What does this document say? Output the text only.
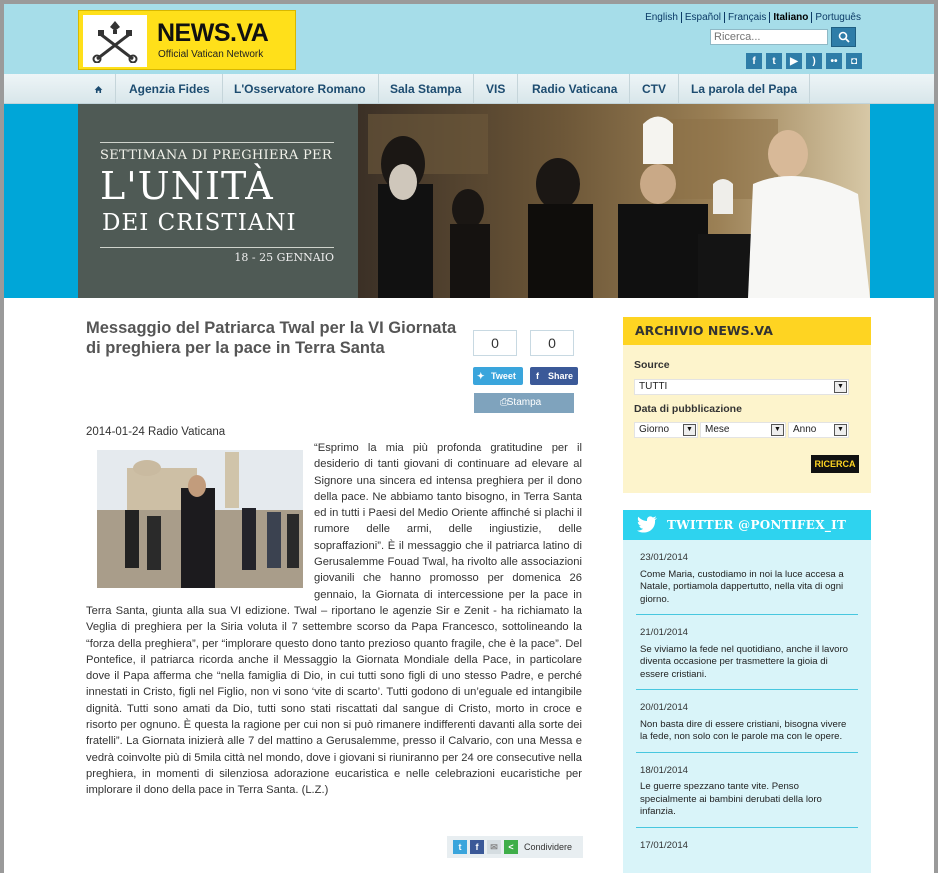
NEWS.VA
Official Vatican Network
English Español Français Italiano Português
Ricerca...
f	t	▶	)	••	◘
Agenzia Fides	L'Osservatore Romano	Sala Stampa	VIS	Radio Vaticana	CTV	La parola del Papa
SETTIMANA DI PREGHIERA PER
L'UNITÀ
DEI CRISTIANI
18 - 25 GENNAIO
Messaggio del Patriarca Twal per la VI Giornata di preghiera per la pace in Terra Santa	0	0
✦ Tweet	f Share
⎙
Stampa
2014-01-24 Radio Vaticana
“Esprimo la mia più profonda gratitudine per il desiderio di tanti giovani di continuare ad elevare al Signore una sincera ed intensa preghiera per il dono della pace. Ne abbiamo tanto bisogno, in Terra Santa ed in tutti i Paesi del Medio Oriente affinché si plachi il rumore delle armi, delle ingiustizie, delle sopraffazioni”. È il messaggio che il patriarca latino di Gerusalemme Fouad Twal, ha rivolto alle associazioni giovanili che hanno promosso per domenica 26 gennaio, la Giornata di intercessione per la pace in Terra Santa, giunta alla sua VI edizione. Twal – riportano le agenzie Sir e Zenit - ha richiamato la Veglia di preghiera per la Siria voluta il 7 settembre scorso da Papa Francesco, sottolineando la “forza della preghiera”, per “implorare questo dono tanto prezioso quanto fragile, che è la pace”. Del Pontefice, il patriarca ricorda anche il Messaggio la Giornata Mondiale della Pace, in particolare dove il Papa afferma che “nella famiglia di Dio, in cui tutti sono figli di uno stesso Padre, e perché innestati in Cristo, figli nel Figlio, non vi sono ‘vite di scarto’. Tutti godono di un’eguale ed intangibile dignità. Tutti sono amati da Dio, tutti sono stati riscattati dal sangue di Cristo, morto in croce e risorto per ognuno. È questa la ragione per cui non si può rimanere indifferenti davanti alla sorte dei fratelli”. La Giornata inizierà alle 7 del mattino a Gerusalemme, presso il Calvario, con una Messa e vedrà coinvolte più di 5mila città nel mondo, dove i giovani si riuniranno per 24 ore consecutive nella preghiera, in momenti di silenziosa adorazione eucaristica e nelle celebrazioni eucaristiche per implorare il dono della pace in Terra Santa. (L.Z.)
t	f	✉	<	Condividere
ARCHIVIO NEWS.VA
Source
TUTTI	▼
Data di pubblicazione
Giorno	▼	Mese	▼	Anno	▼
RICERCA
TWITTER @PONTIFEX_IT
23/01/2014
Come Maria, custodiamo in noi la luce accesa a Natale, portiamola dappertutto, nella vita di ogni giorno.
21/01/2014
Se viviamo la fede nel quotidiano, anche il lavoro diventa occasione per trasmettere la gioia di essere cristiani.
20/01/2014
Non basta dire di essere cristiani, bisogna vivere la fede, non solo con le parole ma con le opere.
18/01/2014
Le guerre spezzano tante vite. Penso specialmente ai bambini derubati della loro infanzia.
17/01/2014
